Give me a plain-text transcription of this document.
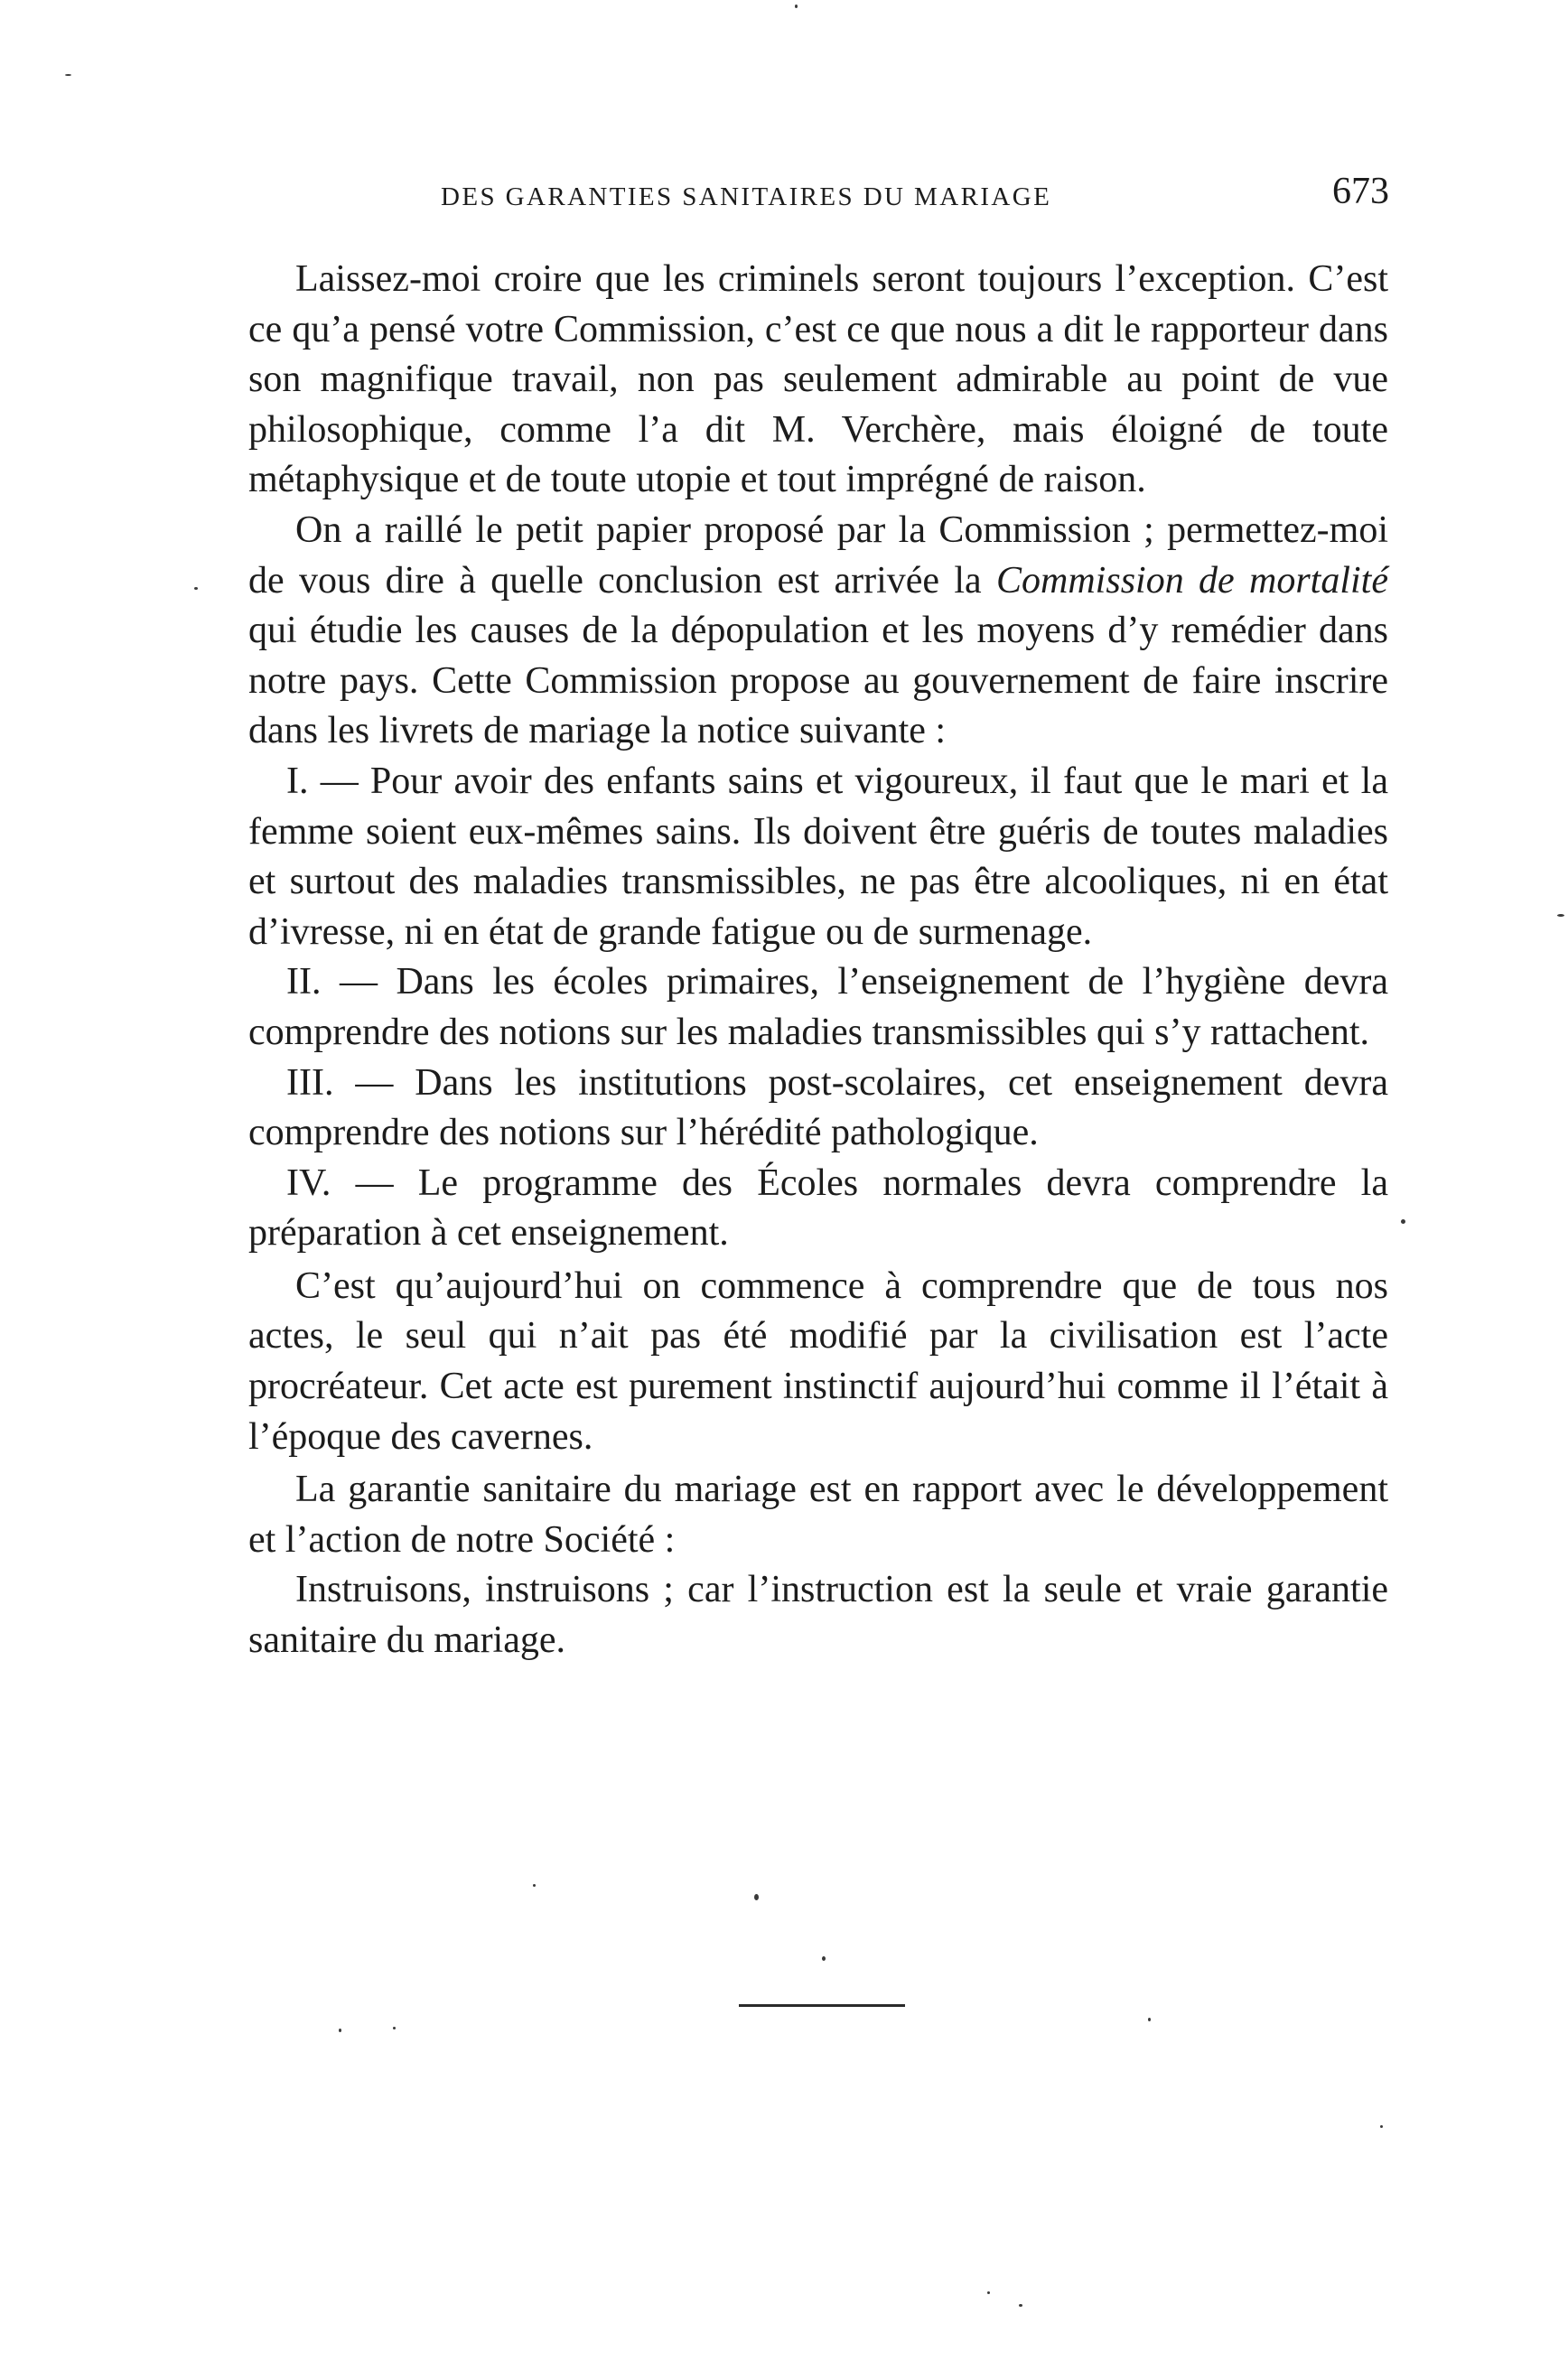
DES GARANTIES SANITAIRES DU MARIAGE	673

Laissez-moi croire que les criminels seront toujours l’exception. C’est ce qu’a pensé votre Commission, c’est ce que nous a dit le rapporteur dans son magnifique travail, non pas seulement admirable au point de vue philosophique, comme l’a dit M. Verchère, mais éloigné de toute métaphysique et de toute utopie et tout imprégné de raison.

On a raillé le petit papier proposé par la Commission ; permettez-moi de vous dire à quelle conclusion est arrivée la Commission de mortalité qui étudie les causes de la dépopulation et les moyens d’y remédier dans notre pays. Cette Commission propose au gouvernement de faire inscrire dans les livrets de mariage la notice suivante :

I. — Pour avoir des enfants sains et vigoureux, il faut que le mari et la femme soient eux-mêmes sains. Ils doivent être guéris de toutes maladies et surtout des maladies transmissibles, ne pas être alcooliques, ni en état d’ivresse, ni en état de grande fatigue ou de surmenage.

II. — Dans les écoles primaires, l’enseignement de l’hygiène devra comprendre des notions sur les maladies transmissibles qui s’y rattachent.

III. — Dans les institutions post-scolaires, cet enseignement devra comprendre des notions sur l’hérédité pathologique.

IV. — Le programme des Écoles normales devra comprendre la préparation à cet enseignement.

C’est qu’aujourd’hui on commence à comprendre que de tous nos actes, le seul qui n’ait pas été modifié par la civilisation est l’acte procréateur. Cet acte est purement instinctif aujourd’hui comme il l’était à l’époque des cavernes.

La garantie sanitaire du mariage est en rapport avec le développement et l’action de notre Société :

Instruisons, instruisons ; car l’instruction est la seule et vraie garantie sanitaire du mariage.
